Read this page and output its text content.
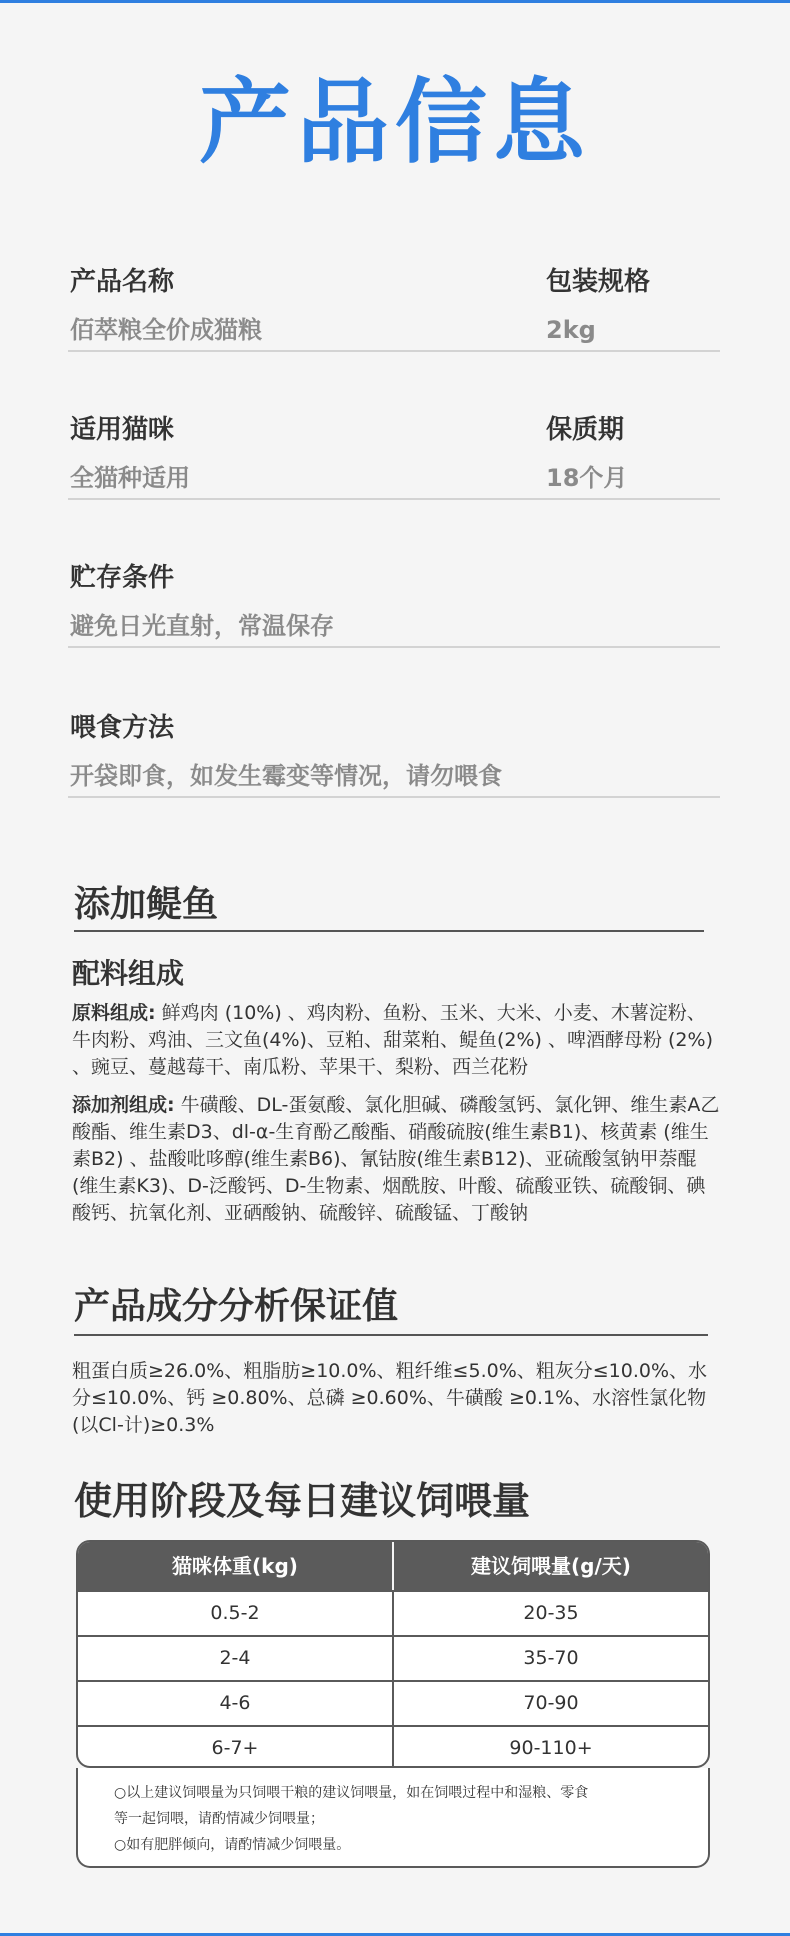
产品信息
产品名称
佰萃粮全价成猫粮
包装规格
2kg
适用猫咪
全猫种适用
保质期
18个月
贮存条件
避免日光直射，常温保存
喂食方法
开袋即食，如发生霉变等情况，请勿喂食
添加鳀鱼
配料组成
原料组成: 鲜鸡肉 (10%) 、鸡肉粉、鱼粉、玉米、大米、小麦、木薯淀粉、牛肉粉、鸡油、三文鱼(4%)、豆粕、甜菜粕、鳀鱼(2%) 、啤酒酵母粉 (2%) 、豌豆、蔓越莓干、南瓜粉、苹果干、梨粉、西兰花粉
添加剂组成: 牛磺酸、DL-蛋氨酸、氯化胆碱、磷酸氢钙、氯化钾、维生素A乙酸酯、维生素D3、dl-α-生育酚乙酸酯、硝酸硫胺(维生素B1)、核黄素 (维生素B2) 、盐酸吡哆醇(维生素B6)、氰钴胺(维生素B12)、亚硫酸氢钠甲萘醌(维生素K3)、D-泛酸钙、D-生物素、烟酰胺、叶酸、硫酸亚铁、硫酸铜、碘酸钙、抗氧化剂、亚硒酸钠、硫酸锌、硫酸锰、丁酸钠
产品成分分析保证值
粗蛋白质≥26.0%、粗脂肪≥10.0%、粗纤维≤5.0%、粗灰分≤10.0%、水分≤10.0%、钙 ≥0.80%、总磷 ≥0.60%、牛磺酸 ≥0.1%、水溶性氯化物(以Cl-计)≥0.3%
使用阶段及每日建议饲喂量
猫咪体重(kg)	建议饲喂量(g/天)
0.5-2	20-35
2-4	35-70
4-6	70-90
6-7+	90-110+
○以上建议饲喂量为只饲喂干粮的建议饲喂量，如在饲喂过程中和湿粮、零食
等一起饲喂，请酌情减少饲喂量；
○如有肥胖倾向，请酌情减少饲喂量。
